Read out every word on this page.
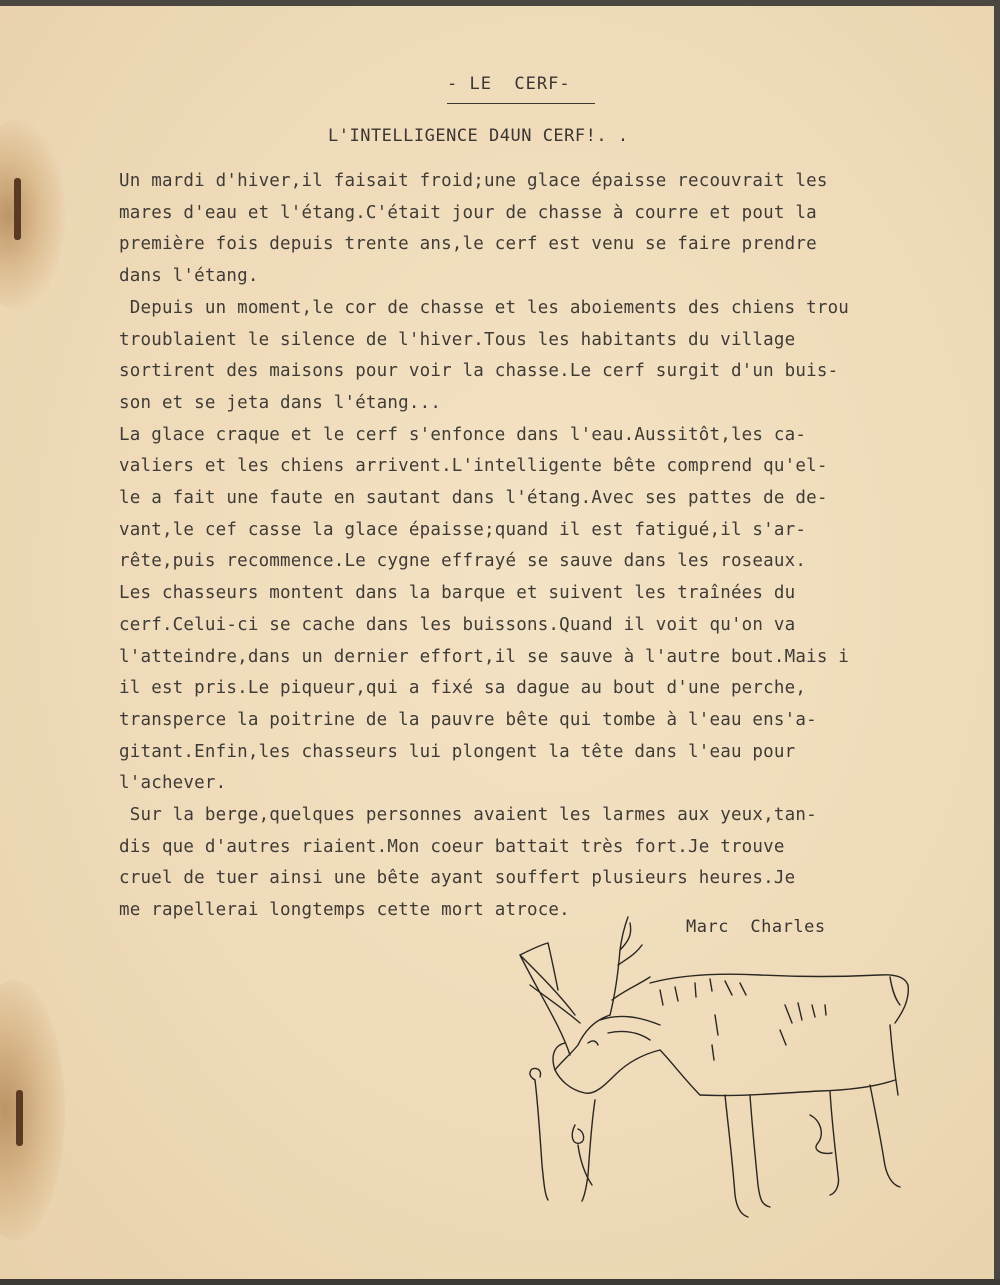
- LE  CERF-
L'INTELLIGENCE D4UN CERF!. .
Un mardi d'hiver,il faisait froid;une glace épaisse recouvrait les
mares d'eau et l'étang.C'était jour de chasse à courre et pout la
première fois depuis trente ans,le cerf est venu se faire prendre
dans l'étang.
Depuis un moment,le cor de chasse et les aboiements des chiens trou
troublaient le silence de l'hiver.Tous les habitants du village
sortirent des maisons pour voir la chasse.Le cerf surgit d'un buis-
son et se jeta dans l'étang...
La glace craque et le cerf s'enfonce dans l'eau.Aussitôt,les ca-
valiers et les chiens arrivent.L'intelligente bête comprend qu'el-
le a fait une faute en sautant dans l'étang.Avec ses pattes de de-
vant,le cef casse la glace épaisse;quand il est fatigué,il s'ar-
rête,puis recommence.Le cygne effrayé se sauve dans les roseaux.
Les chasseurs montent dans la barque et suivent les traînées du
cerf.Celui-ci se cache dans les buissons.Quand il voit qu'on va
l'atteindre,dans un dernier effort,il se sauve à l'autre bout.Mais i
il est pris.Le piqueur,qui a fixé sa dague au bout d'une perche,
transperce la poitrine de la pauvre bête qui tombe à l'eau ens'a-
gitant.Enfin,les chasseurs lui plongent la tête dans l'eau pour
l'achever.
Sur la berge,quelques personnes avaient les larmes aux yeux,tan-
dis que d'autres riaient.Mon coeur battait très fort.Je trouve
cruel de tuer ainsi une bête ayant souffert plusieurs heures.Je
me rapellerai longtemps cette mort atroce.
Marc  Charles
